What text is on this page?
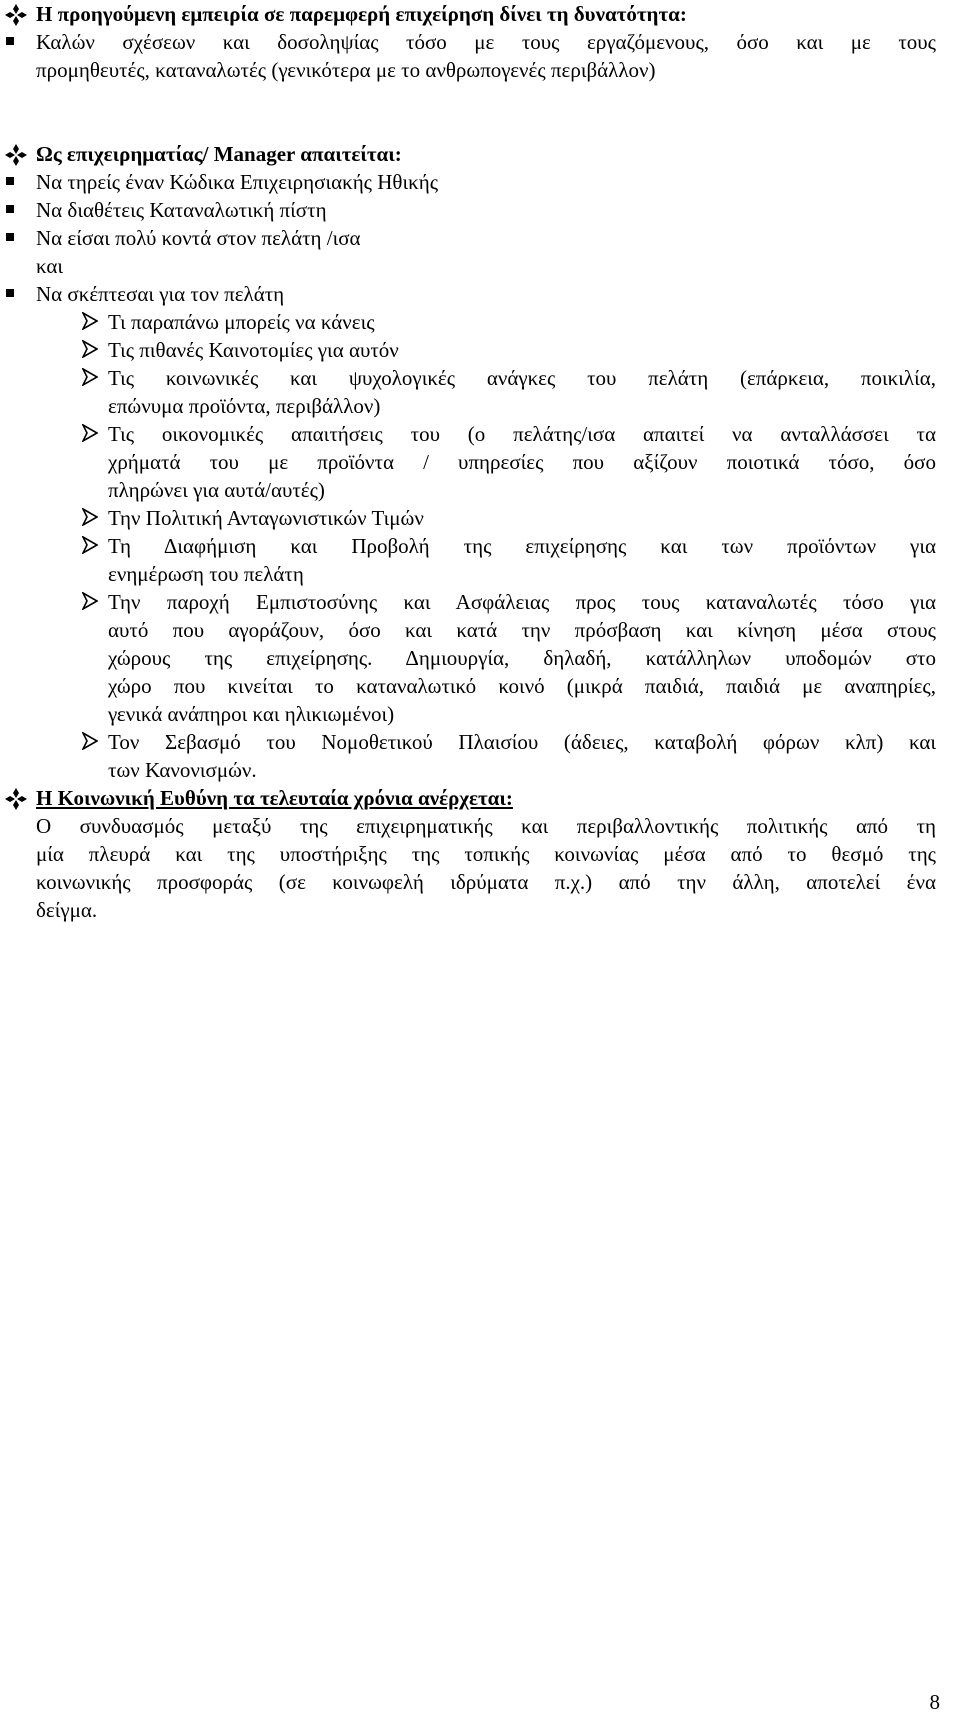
Η προηγούμενη εμπειρία σε παρεμφερή επιχείρηση δίνει τη δυνατότητα:
Καλών σχέσεων και δοσοληψίας τόσο με τους εργαζόμενους, όσο και με τους
προμηθευτές, καταναλωτές (γενικότερα με το ανθρωπογενές περιβάλλον)
Ως επιχειρηματίας/ Manager απαιτείται:
Να τηρείς έναν Κώδικα Επιχειρησιακής Ηθικής
Να διαθέτεις Καταναλωτική πίστη
Να είσαι πολύ κοντά στον πελάτη /ισα
και
Να σκέπτεσαι για τον πελάτη
Τι παραπάνω μπορείς να κάνεις
Τις πιθανές Καινοτομίες για αυτόν
Τις κοινωνικές και ψυχολογικές ανάγκες του πελάτη (επάρκεια, ποικιλία,
επώνυμα προϊόντα, περιβάλλον)
Τις οικονομικές απαιτήσεις του (ο πελάτης/ισα απαιτεί να ανταλλάσσει τα
χρήματά του με προϊόντα / υπηρεσίες που αξίζουν ποιοτικά τόσο, όσο
πληρώνει για αυτά/αυτές)
Την Πολιτική Ανταγωνιστικών Τιμών
Τη Διαφήμιση και Προβολή της επιχείρησης και των προϊόντων για
ενημέρωση του πελάτη
Την παροχή Εμπιστοσύνης και Ασφάλειας προς τους καταναλωτές τόσο για
αυτό που αγοράζουν, όσο και κατά την πρόσβαση και κίνηση μέσα στους
χώρους της επιχείρησης. Δημιουργία, δηλαδή, κατάλληλων υποδομών στο
χώρο που κινείται το καταναλωτικό κοινό (μικρά παιδιά, παιδιά με αναπηρίες,
γενικά ανάπηροι και ηλικιωμένοι)
Τον Σεβασμό του Νομοθετικού Πλαισίου (άδειες, καταβολή φόρων κλπ) και
των Κανονισμών.
Η Κοινωνική Ευθύνη τα τελευταία χρόνια ανέρχεται:
Ο συνδυασμός μεταξύ της επιχειρηματικής και περιβαλλοντικής πολιτικής από τη
μία πλευρά και της υποστήριξης της τοπικής κοινωνίας μέσα από το θεσμό της
κοινωνικής προσφοράς (σε κοινωφελή ιδρύματα π.χ.) από την άλλη, αποτελεί ένα
δείγμα.
8
